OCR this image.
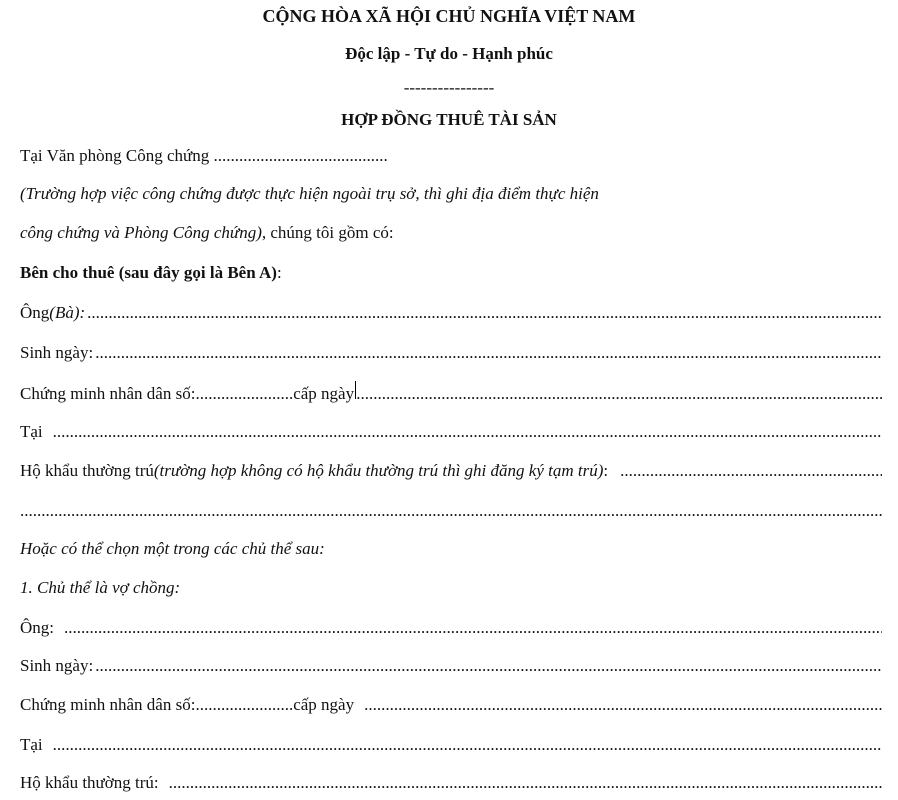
CỘNG HÒA XÃ HỘI CHỦ NGHĨA VIỆT NAM
Độc lập - Tự do - Hạnh phúc
----------------
HỢP ĐỒNG THUÊ TÀI SẢN
Tại Văn phòng Công chứng .........................................
(Trường hợp việc công chứng được thực hiện ngoài trụ sở, thì ghi địa điểm thực hiện
công chứng và Phòng Công chứng), chúng tôi gồm có:
Bên cho thuê (sau đây gọi là Bên A):
Ông (Bà):
.....
Sinh ngày:
.....
Chứng minh nhân dân số: ....................... cấp ngày
.....
Tại
.....
Hộ khẩu thường trú (trường hợp không có hộ khẩu thường trú thì ghi đăng ký tạm trú) :
.....
.....
Hoặc có thể chọn một trong các chủ thể sau:
1. Chủ thể là vợ chồng:
Ông:
.....
Sinh ngày:
.....
Chứng minh nhân dân số: ....................... cấp ngày
.....
Tại
.....
Hộ khẩu thường trú:
.....
